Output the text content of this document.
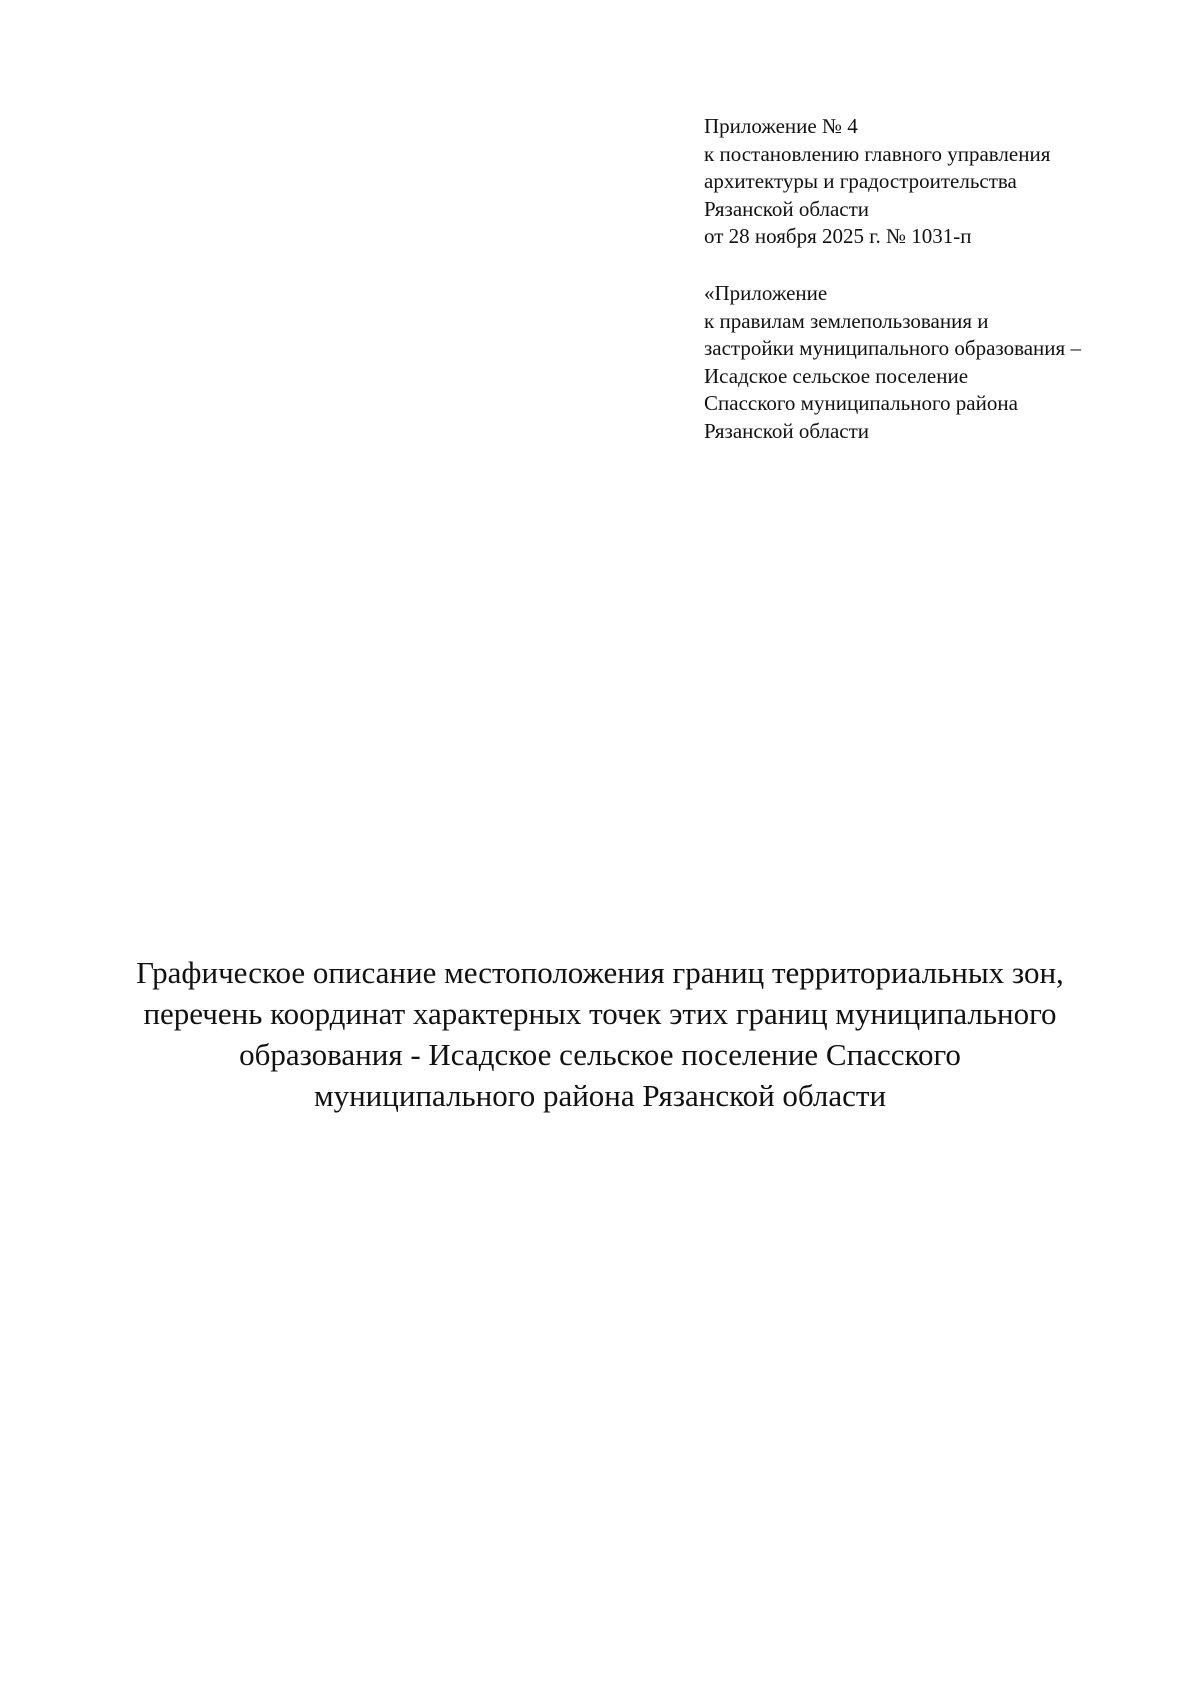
Приложение № 4
к постановлению главного управления
архитектуры и градостроительства
Рязанской области
от 28 ноября 2025 г. № 1031-п
«Приложение
к правилам землепользования и
застройки муниципального образования –
Исадское сельское поселение
Спасского муниципального района
Рязанской области
Графическое описание местоположения границ территориальных зон,
перечень координат характерных точек этих границ муниципального
образования - Исадское сельское поселение Спасского
муниципального района Рязанской области
